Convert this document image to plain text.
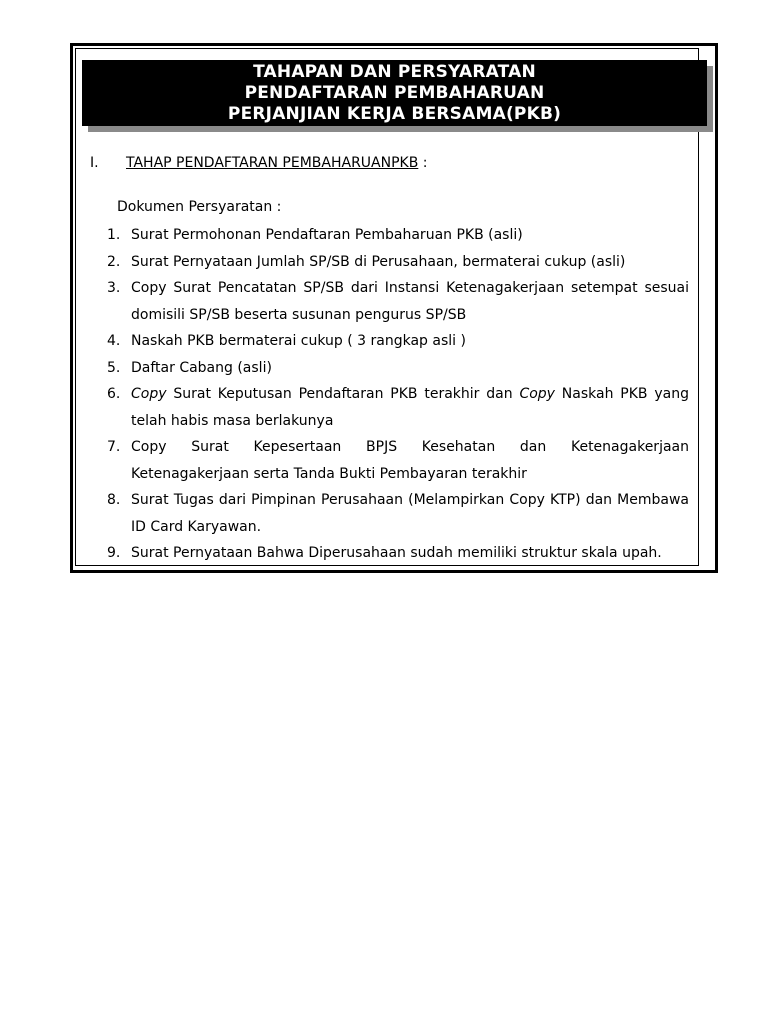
TAHAPAN DAN PERSYARATAN
PENDAFTARAN PEMBAHARUAN
PERJANJIAN KERJA BERSAMA(PKB)
I. TAHAP PENDAFTARAN PEMBAHARUANPKB :
Dokumen Persyaratan :
1. Surat Permohonan Pendaftaran Pembaharuan PKB (asli)
2. Surat Pernyataan Jumlah SP/SB di Perusahaan, bermaterai cukup (asli)
3. Copy Surat Pencatatan SP/SB dari Instansi Ketenagakerjaan setempat sesuai domisili SP/SB beserta susunan pengurus SP/SB
4. Naskah PKB bermaterai cukup ( 3 rangkap asli )
5. Daftar Cabang (asli)
6. Copy Surat Keputusan Pendaftaran PKB terakhir dan Copy Naskah PKB yang telah habis masa berlakunya
7. Copy Surat Kepesertaan BPJS Kesehatan dan Ketenagakerjaan Ketenagakerjaan serta Tanda Bukti Pembayaran terakhir
8. Surat Tugas dari Pimpinan Perusahaan (Melampirkan Copy KTP) dan Membawa ID Card Karyawan.
9. Surat Pernyataan Bahwa Diperusahaan sudah memiliki struktur skala upah.
